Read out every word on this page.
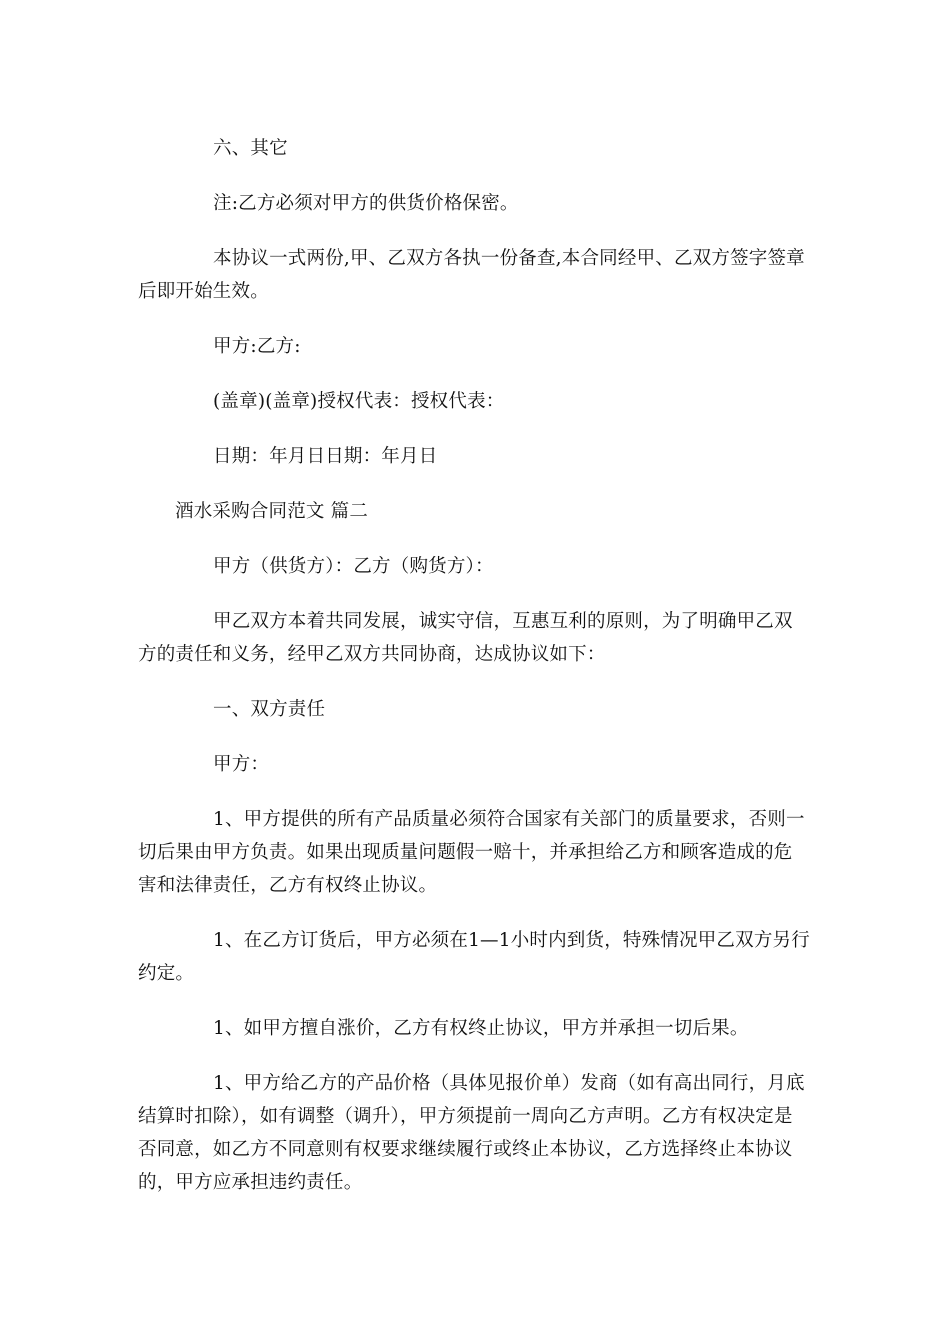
六、其它

注:乙方必须对甲方的供货价格保密。

本协议一式两份,甲、乙双方各执一份备查,本合同经甲、乙双方签字签章后即开始生效。

甲方:乙方:

(盖章)(盖章)授权代表：授权代表：

日期：年月日日期：年月日

酒水采购合同范文 篇二

甲方（供货方）：乙方（购货方）：

甲乙双方本着共同发展，诚实守信，互惠互利的原则，为了明确甲乙双方的责任和义务，经甲乙双方共同协商，达成协议如下：

一、双方责任

甲方：

1、甲方提供的所有产品质量必须符合国家有关部门的质量要求，否则一切后果由甲方负责。如果出现质量问题假一赔十，并承担给乙方和顾客造成的危害和法律责任，乙方有权终止协议。

1、在乙方订货后，甲方必须在1—1小时内到货，特殊情况甲乙双方另行约定。

1、如甲方擅自涨价，乙方有权终止协议，甲方并承担一切后果。

1、甲方给乙方的产品价格（具体见报价单）发商（如有高出同行，月底结算时扣除），如有调整（调升），甲方须提前一周向乙方声明。乙方有权决定是否同意，如乙方不同意则有权要求继续履行或终止本协议，乙方选择终止本协议的，甲方应承担违约责任。
